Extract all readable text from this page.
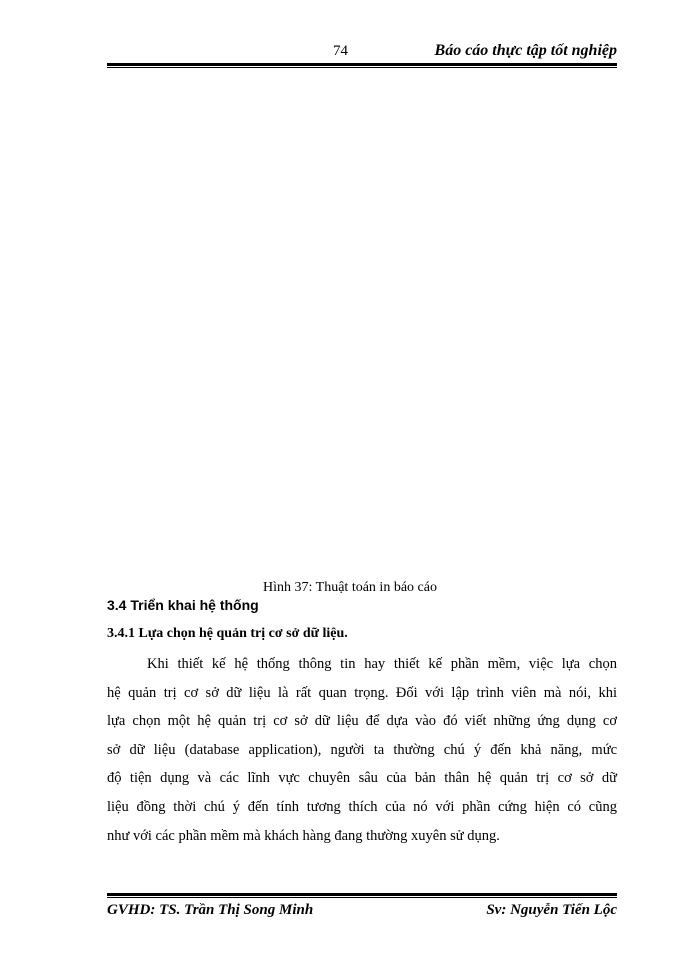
74	Báo cáo thực tập tốt nghiệp
Hình 37: Thuật toán in báo cáo
3.4 Triển khai hệ thống
3.4.1 Lựa chọn hệ quản trị cơ sở dữ liệu.
Khi thiết kế hệ thống thông tin hay thiết kế phần mềm, việc lựa chọn
hệ quản trị cơ sở dữ liệu là rất quan trọng. Đối với lập trình viên mà nói, khi
lựa chọn một hệ quản trị cơ sở dữ liệu để dựa vào đó viết những ứng dụng cơ
sở dữ liệu (database application), người ta thường chú ý đến khả năng, mức
độ tiện dụng và các lĩnh vực chuyên sâu của bản thân hệ quản trị cơ sở dữ
liệu đồng thời chú ý đến tính tương thích của nó với phần cứng hiện có cũng
như với các phần mềm mà khách hàng đang thường xuyên sử dụng.
GVHD: TS. Trần Thị Song Minh	Sv: Nguyễn Tiến Lộc
